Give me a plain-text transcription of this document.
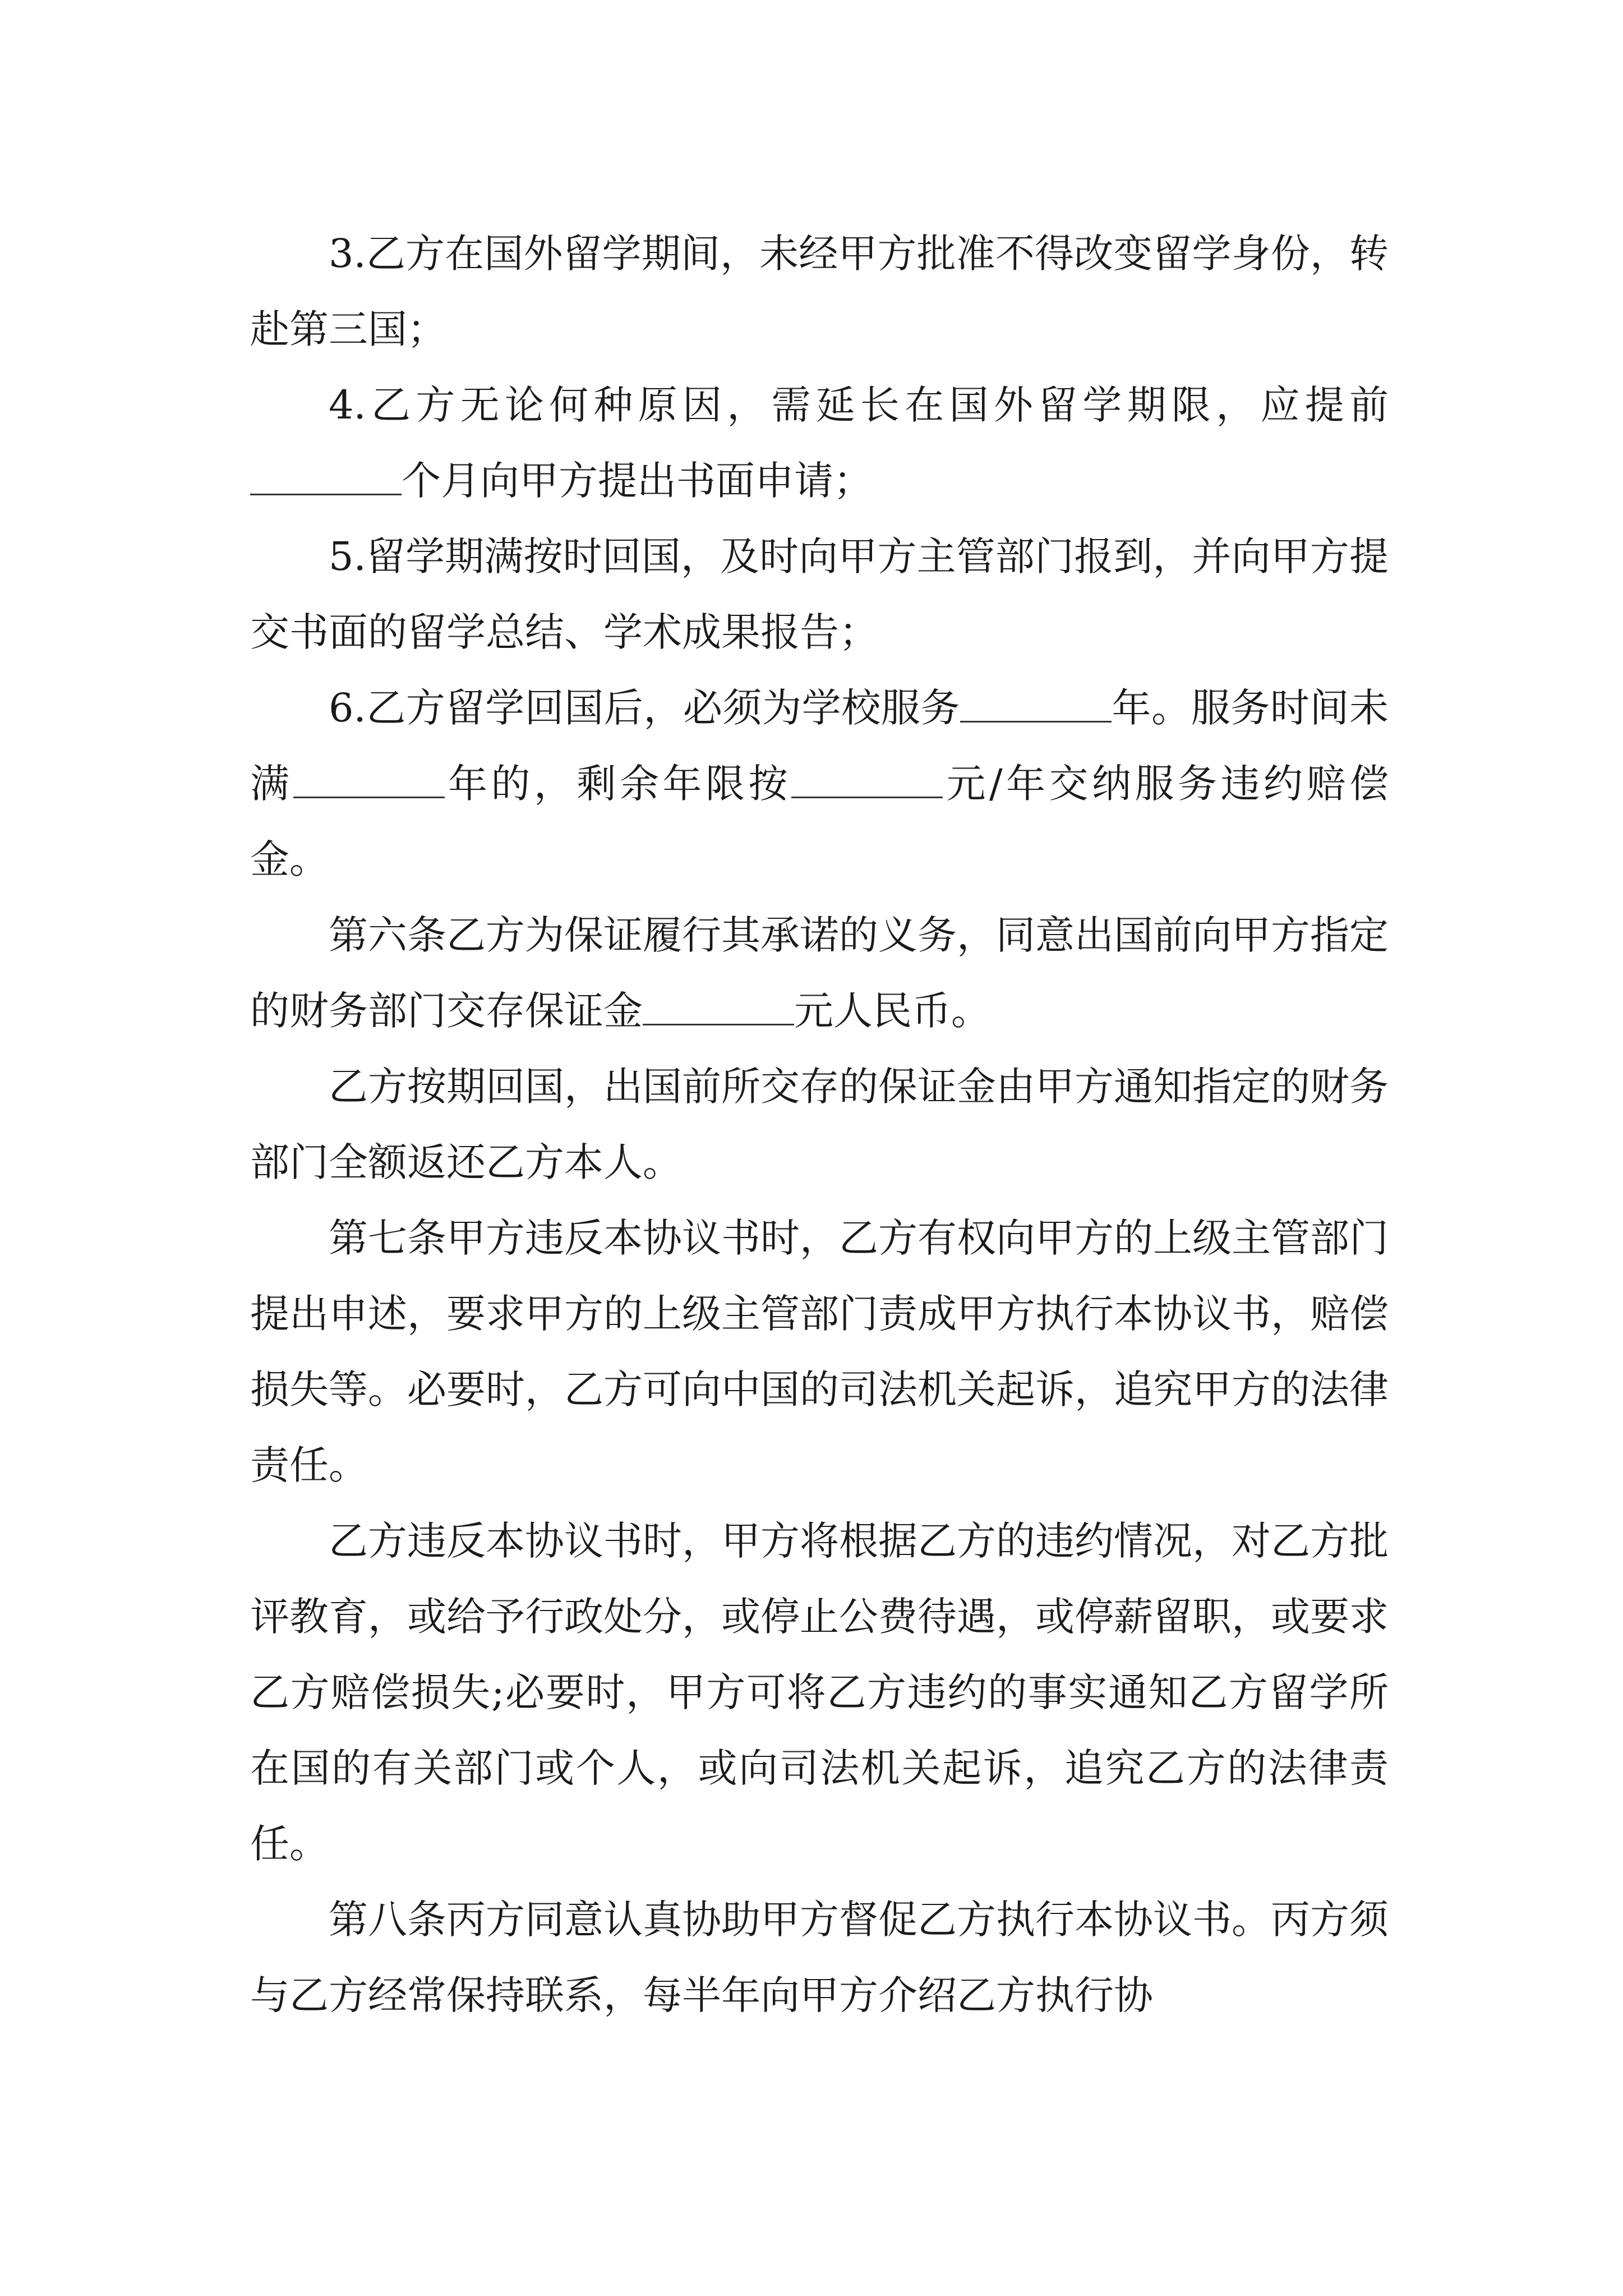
3.乙方在国外留学期间，未经甲方批准不得改变留学身份，转赴第三国；

4.乙方无论何种原因，需延长在国外留学期限，应提前个月向甲方提出书面申请；

5.留学期满按时回国，及时向甲方主管部门报到，并向甲方提交书面的留学总结、学术成果报告；

6.乙方留学回国后，必须为学校服务	年。服务时间未满	年的，剩余年限按	元/年交纳服务违约赔偿金。

第六条乙方为保证履行其承诺的义务，同意出国前向甲方指定的财务部门交存保证金	元人民币。

乙方按期回国，出国前所交存的保证金由甲方通知指定的财务部门全额返还乙方本人。

第七条甲方违反本协议书时，乙方有权向甲方的上级主管部门提出申述，要求甲方的上级主管部门责成甲方执行本协议书，赔偿损失等。必要时，乙方可向中国的司法机关起诉，追究甲方的法律责任。

乙方违反本协议书时，甲方将根据乙方的违约情况，对乙方批评教育，或给予行政处分，或停止公费待遇，或停薪留职，或要求乙方赔偿损失;必要时，甲方可将乙方违约的事实通知乙方留学所在国的有关部门或个人，或向司法机关起诉，追究乙方的法律责任。

第八条丙方同意认真协助甲方督促乙方执行本协议书。丙方须与乙方经常保持联系，每半年向甲方介绍乙方执行协
